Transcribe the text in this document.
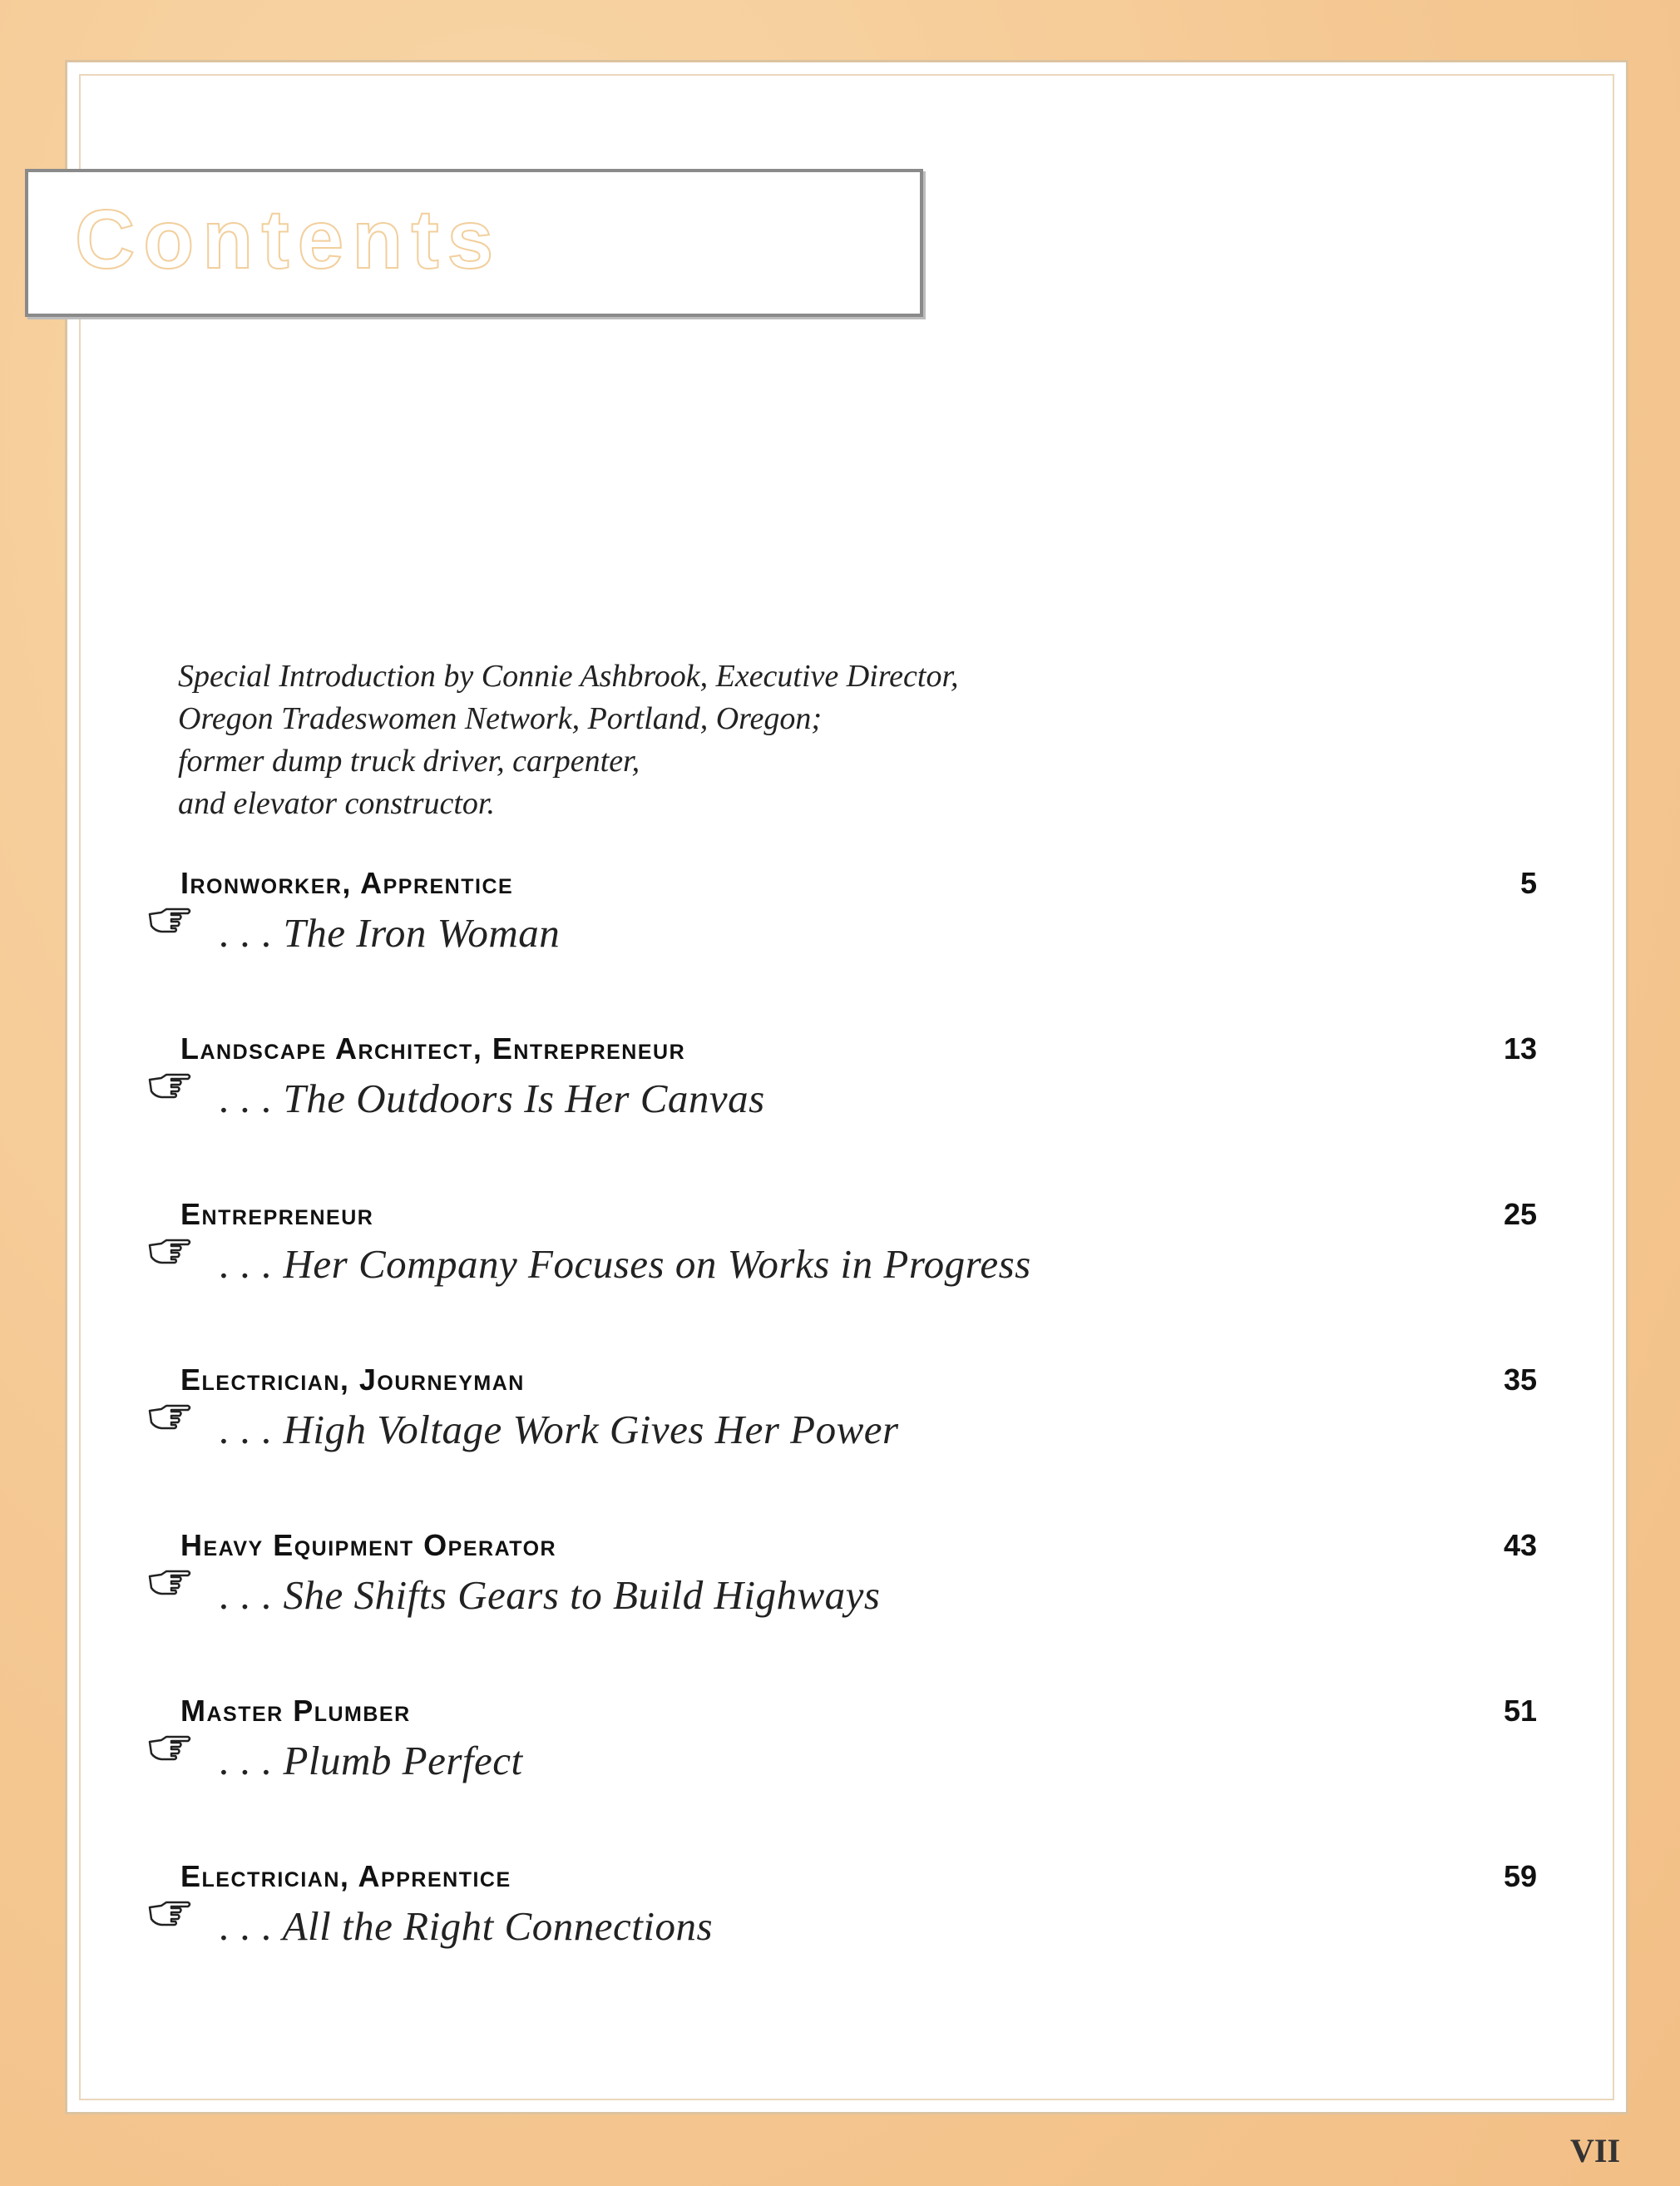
Contents
Special Introduction by Connie Ashbrook, Executive Director,
Oregon Tradeswomen Network, Portland, Oregon;
former dump truck driver, carpenter,
and elevator constructor.
Ironworker, Apprentice	5
. . . The Iron Woman
Landscape Architect, Entrepreneur	13
. . . The Outdoors Is Her Canvas
Entrepreneur	25
. . . Her Company Focuses on Works in Progress
Electrician, Journeyman	35
. . . High Voltage Work Gives Her Power
Heavy Equipment Operator	43
. . . She Shifts Gears to Build Highways
Master Plumber	51
. . . Plumb Perfect
Electrician, Apprentice	59
. . . All the Right Connections
VII
